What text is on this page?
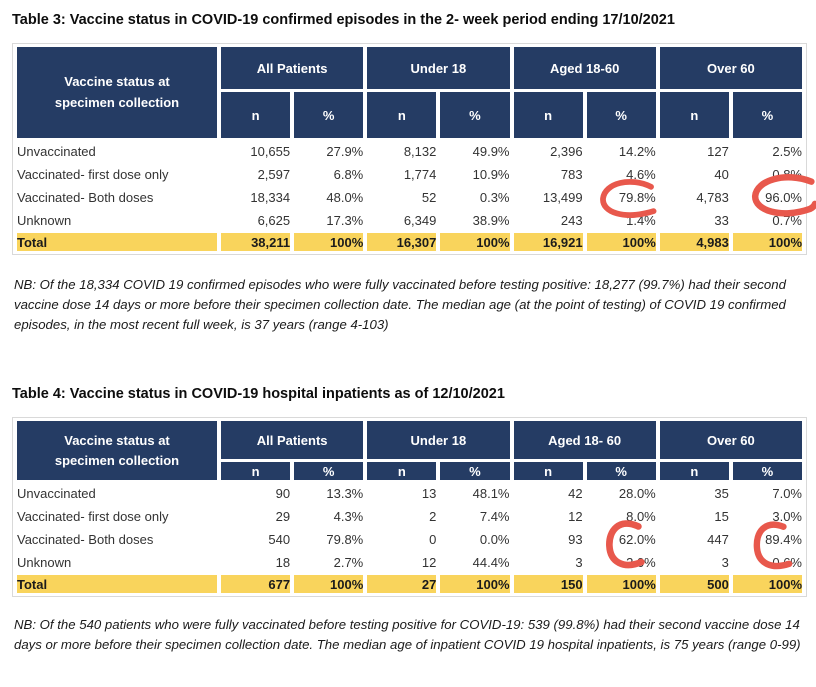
Table 3: Vaccine status in COVID-19 confirmed episodes in the 2- week period ending 17/10/2021
Vaccine status at
specimen collection	All Patients		Under 18		Aged 18-60		Over 60	
	n	%	n	%	n	%	n	%
Unvaccinated	10,655	27.9%	8,132	49.9%	2,396	14.2%	127	2.5%
Vaccinated- first dose only	2,597	6.8%	1,774	10.9%	783	4.6%	40	0.8%
Vaccinated- Both doses	18,334	48.0%	52	0.3%	13,499	79.8%	4,783	96.0%
Unknown	6,625	17.3%	6,349	38.9%	243	1.4%	33	0.7%
Total	38,211	100%	16,307	100%	16,921	100%	4,983	100%

NB: Of the 18,334 COVID 19 confirmed episodes who were fully vaccinated before testing positive: 18,277 (99.7%) had their second vaccine dose 14 days or more before their specimen collection date. The median age (at the point of testing) of COVID 19 confirmed episodes, in the most recent full week, is 37 years (range 4-103)

Table 4: Vaccine status in COVID-19 hospital inpatients as of 12/10/2021
Vaccine status at
specimen collection	All Patients		Under 18		Aged 18- 60		Over 60	
	n	%	n	%	n	%	n	%
Unvaccinated	90	13.3%	13	48.1%	42	28.0%	35	7.0%
Vaccinated- first dose only	29	4.3%	2	7.4%	12	8.0%	15	3.0%
Vaccinated- Both doses	540	79.8%	0	0.0%	93	62.0%	447	89.4%
Unknown	18	2.7%	12	44.4%	3	2.0%	3	0.6%
Total	677	100%	27	100%	150	100%	500	100%

NB: Of the 540 patients who were fully vaccinated before testing positive for COVID-19: 539 (99.8%) had their second vaccine dose 14 days or more before their specimen collection date. The median age of inpatient COVID 19 hospital inpatients, is 75 years (range 0-99)
